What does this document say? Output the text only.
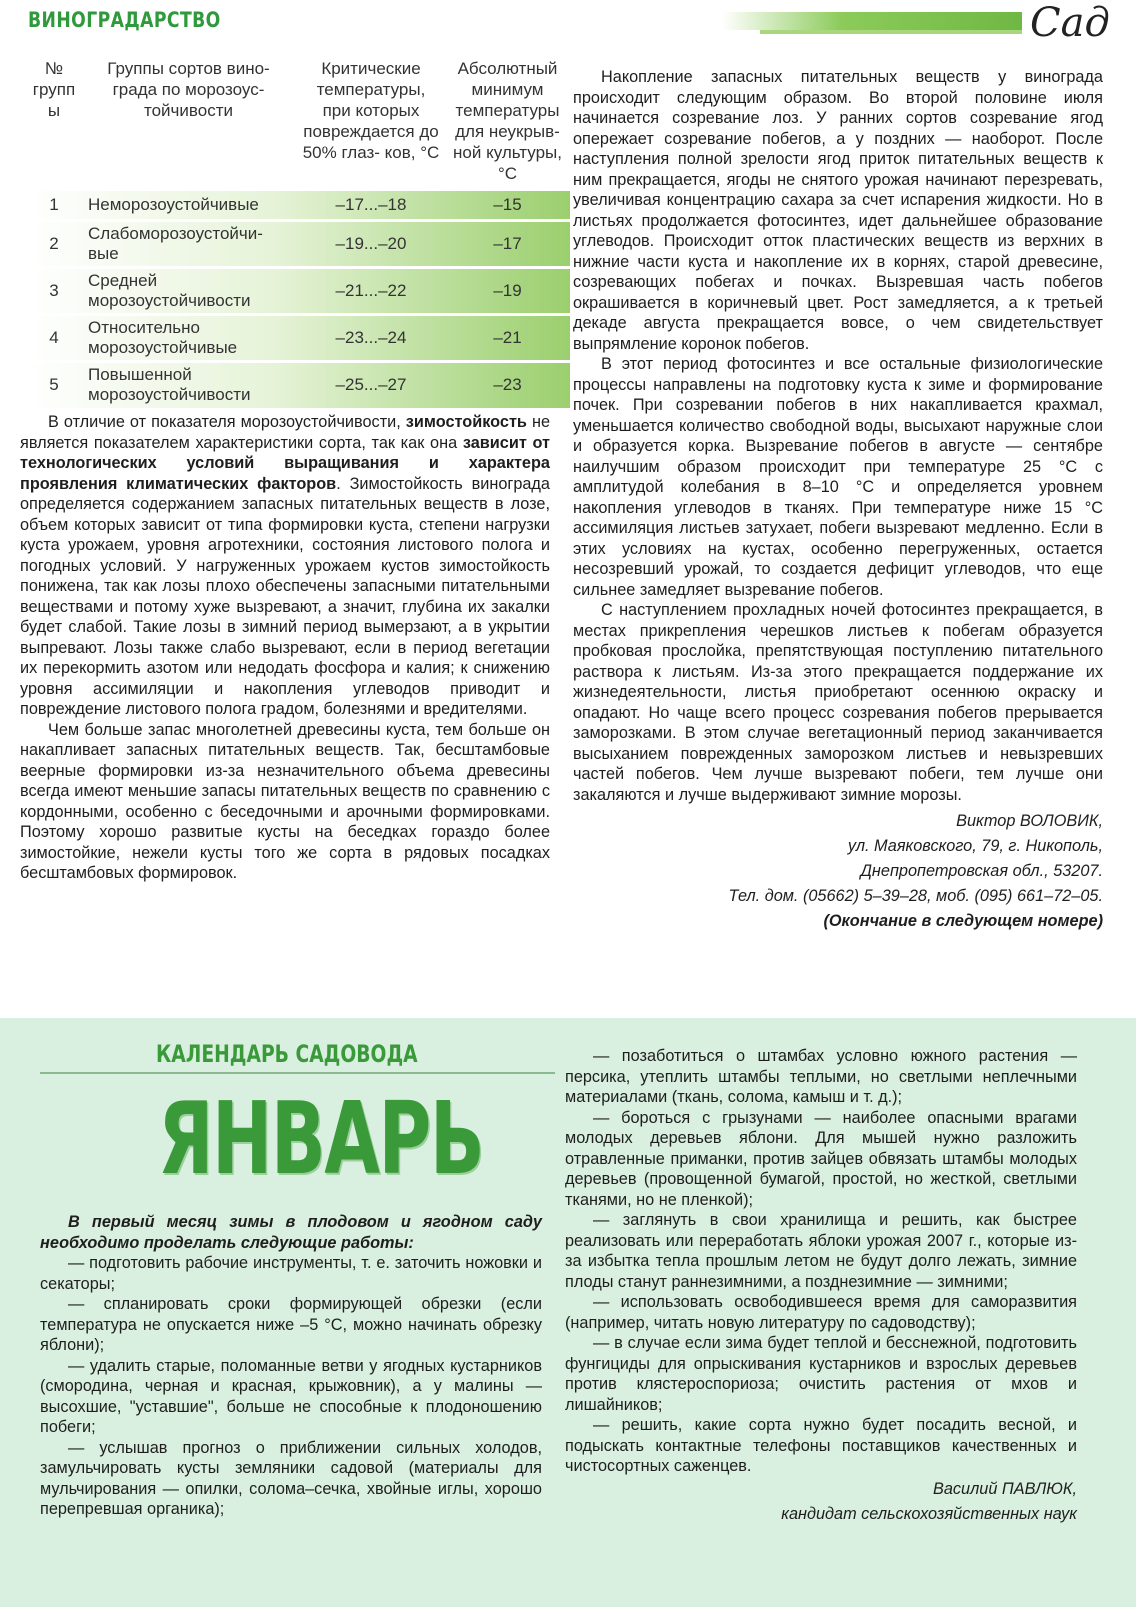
ВИНОГРАДАРСТВО	Сад
№ групп ы	Группы сортов вино- града по морозоус- тойчивости	Критические температуры, при которых повреждается до 50% глаз- ков, °С	Абсолютный минимум температуры для неукрыв- ной культуры, °С
1	Неморозоустойчивые	–17...–18	–15
2	Слабоморозоустойчи- вые	–19...–20	–17
3	Средней морозоустойчивости	–21...–22	–19
4	Относительно морозоустойчивые	–23...–24	–21
5	Повышенной морозоустойчивости	–25...–27	–23

В отличие от показателя морозоустойчивости, зимостойкость не является показателем характеристики сорта, так как она зависит от технологических условий выращивания и характера проявления климатических факторов. Зимостойкость винограда определяется содержанием запасных питательных веществ в лозе, объем которых зависит от типа формировки куста, степени нагрузки куста урожаем, уровня агротехники, состояния листового полога и погодных условий. У нагруженных урожаем кустов зимостойкость понижена, так как лозы плохо обеспечены запасными питательными веществами и потому хуже вызревают, а значит, глубина их закалки будет слабой. Такие лозы в зимний период вымерзают, а в укрытии выпревают. Лозы также слабо вызревают, если в период вегетации их перекормить азотом или недодать фосфора и калия; к снижению уровня ассимиляции и накопления углеводов приводит и повреждение листового полога градом, болезнями и вредителями.

Чем больше запас многолетней древесины куста, тем больше он накапливает запасных питательных веществ. Так, бесштамбовые веерные формировки из-за незначительного объема древесины всегда имеют меньшие запасы питательных веществ по сравнению с кордонными, особенно с беседочными и арочными формировками. Поэтому хорошо развитые кусты на беседках гораздо более зимостойкие, нежели кусты того же сорта в рядовых посадках бесштамбовых формировок.

Накопление запасных питательных веществ у винограда происходит следующим образом. Во второй половине июля начинается созревание лоз. У ранних сортов созревание ягод опережает созревание побегов, а у поздних — наоборот. После наступления полной зрелости ягод приток питательных веществ к ним прекращается, ягоды не снятого урожая начинают перезревать, увеличивая концентрацию сахара за счет испарения жидкости. Но в листьях продолжается фотосинтез, идет дальнейшее образование углеводов. Происходит отток пластических веществ из верхних в нижние части куста и накопление их в корнях, старой древесине, созревающих побегах и почках. Вызревшая часть побегов окрашивается в коричневый цвет. Рост замедляется, а к третьей декаде августа прекращается вовсе, о чем свидетельствует выпрямление коронок побегов.

В этот период фотосинтез и все остальные физиологические процессы направлены на подготовку куста к зиме и формирование почек. При созревании побегов в них накапливается крахмал, уменьшается количество свободной воды, высыхают наружные слои и образуется корка. Вызревание побегов в августе — сентябре наилучшим образом происходит при температуре 25 °С с амплитудой колебания в 8–10 °С и определяется уровнем накопления углеводов в тканях. При температуре ниже 15 °С ассимиляция листьев затухает, побеги вызревают медленно. Если в этих условиях на кустах, особенно перегруженных, остается несозревший урожай, то создается дефицит углеводов, что еще сильнее замедляет вызревание побегов.

С наступлением прохладных ночей фотосинтез прекращается, в местах прикрепления черешков листьев к побегам образуется пробковая прослойка, препятствующая поступлению питательного раствора к листьям. Из-за этого прекращается поддержание их жизнедеятельности, листья приобретают осеннюю окраску и опадают. Но чаще всего процесс созревания побегов прерывается заморозками. В этом случае вегетационный период заканчивается высыханием поврежденных заморозком листьев и невызревших частей побегов. Чем лучше вызревают побеги, тем лучше они закаляются и лучше выдерживают зимние морозы.

Виктор ВОЛОВИК,

ул. Маяковского, 79, г. Никополь,

Днепропетровская обл., 53207.

Тел. дом. (05662) 5–39–28, моб. (095) 661–72–05.

(Окончание в следующем номере)

КАЛЕНДАРЬ САДОВОДА
ЯНВАРЬ

В первый месяц зимы в плодовом и ягодном саду необходимо проделать следующие работы:

— подготовить рабочие инструменты, т. е. заточить ножовки и секаторы;

— спланировать сроки формирующей обрезки (если температура не опускается ниже –5 °С, можно начинать обрезку яблони);

— удалить старые, поломанные ветви у ягодных кустарников (смородина, черная и красная, крыжовник), а у малины — высохшие, "уставшие", больше не способные к плодоношению побеги;

— услышав прогноз о приближении сильных холодов, замульчировать кусты земляники садовой (материалы для мульчирования — опилки, солома–сечка, хвойные иглы, хорошо перепревшая органика);

— позаботиться о штамбах условно южного растения — персика, утеплить штамбы теплыми, но светлыми неплечными материалами (ткань, солома, камыш и т. д.);

— бороться с грызунами — наиболее опасными врагами молодых деревьев яблони. Для мышей нужно разложить отравленные приманки, против зайцев обвязать штамбы молодых деревьев (провощенной бумагой, простой, но жесткой, светлыми тканями, но не пленкой);

— заглянуть в свои хранилища и решить, как быстрее реализовать или переработать яблоки урожая 2007 г., которые из-за избытка тепла прошлым летом не будут долго лежать, зимние плоды станут раннезимними, а позднезимние — зимними;

— использовать освободившееся время для саморазвития (например, читать новую литературу по садоводству);

— в случае если зима будет теплой и бесснежной, подготовить фунгициды для опрыскивания кустарников и взрослых деревьев против клястероспориоза; очистить растения от мхов и лишайников;

— решить, какие сорта нужно будет посадить весной, и подыскать контактные телефоны поставщиков качественных и чистосортных саженцев.

Василий ПАВЛЮК,

кандидат сельскохозяйственных наук
